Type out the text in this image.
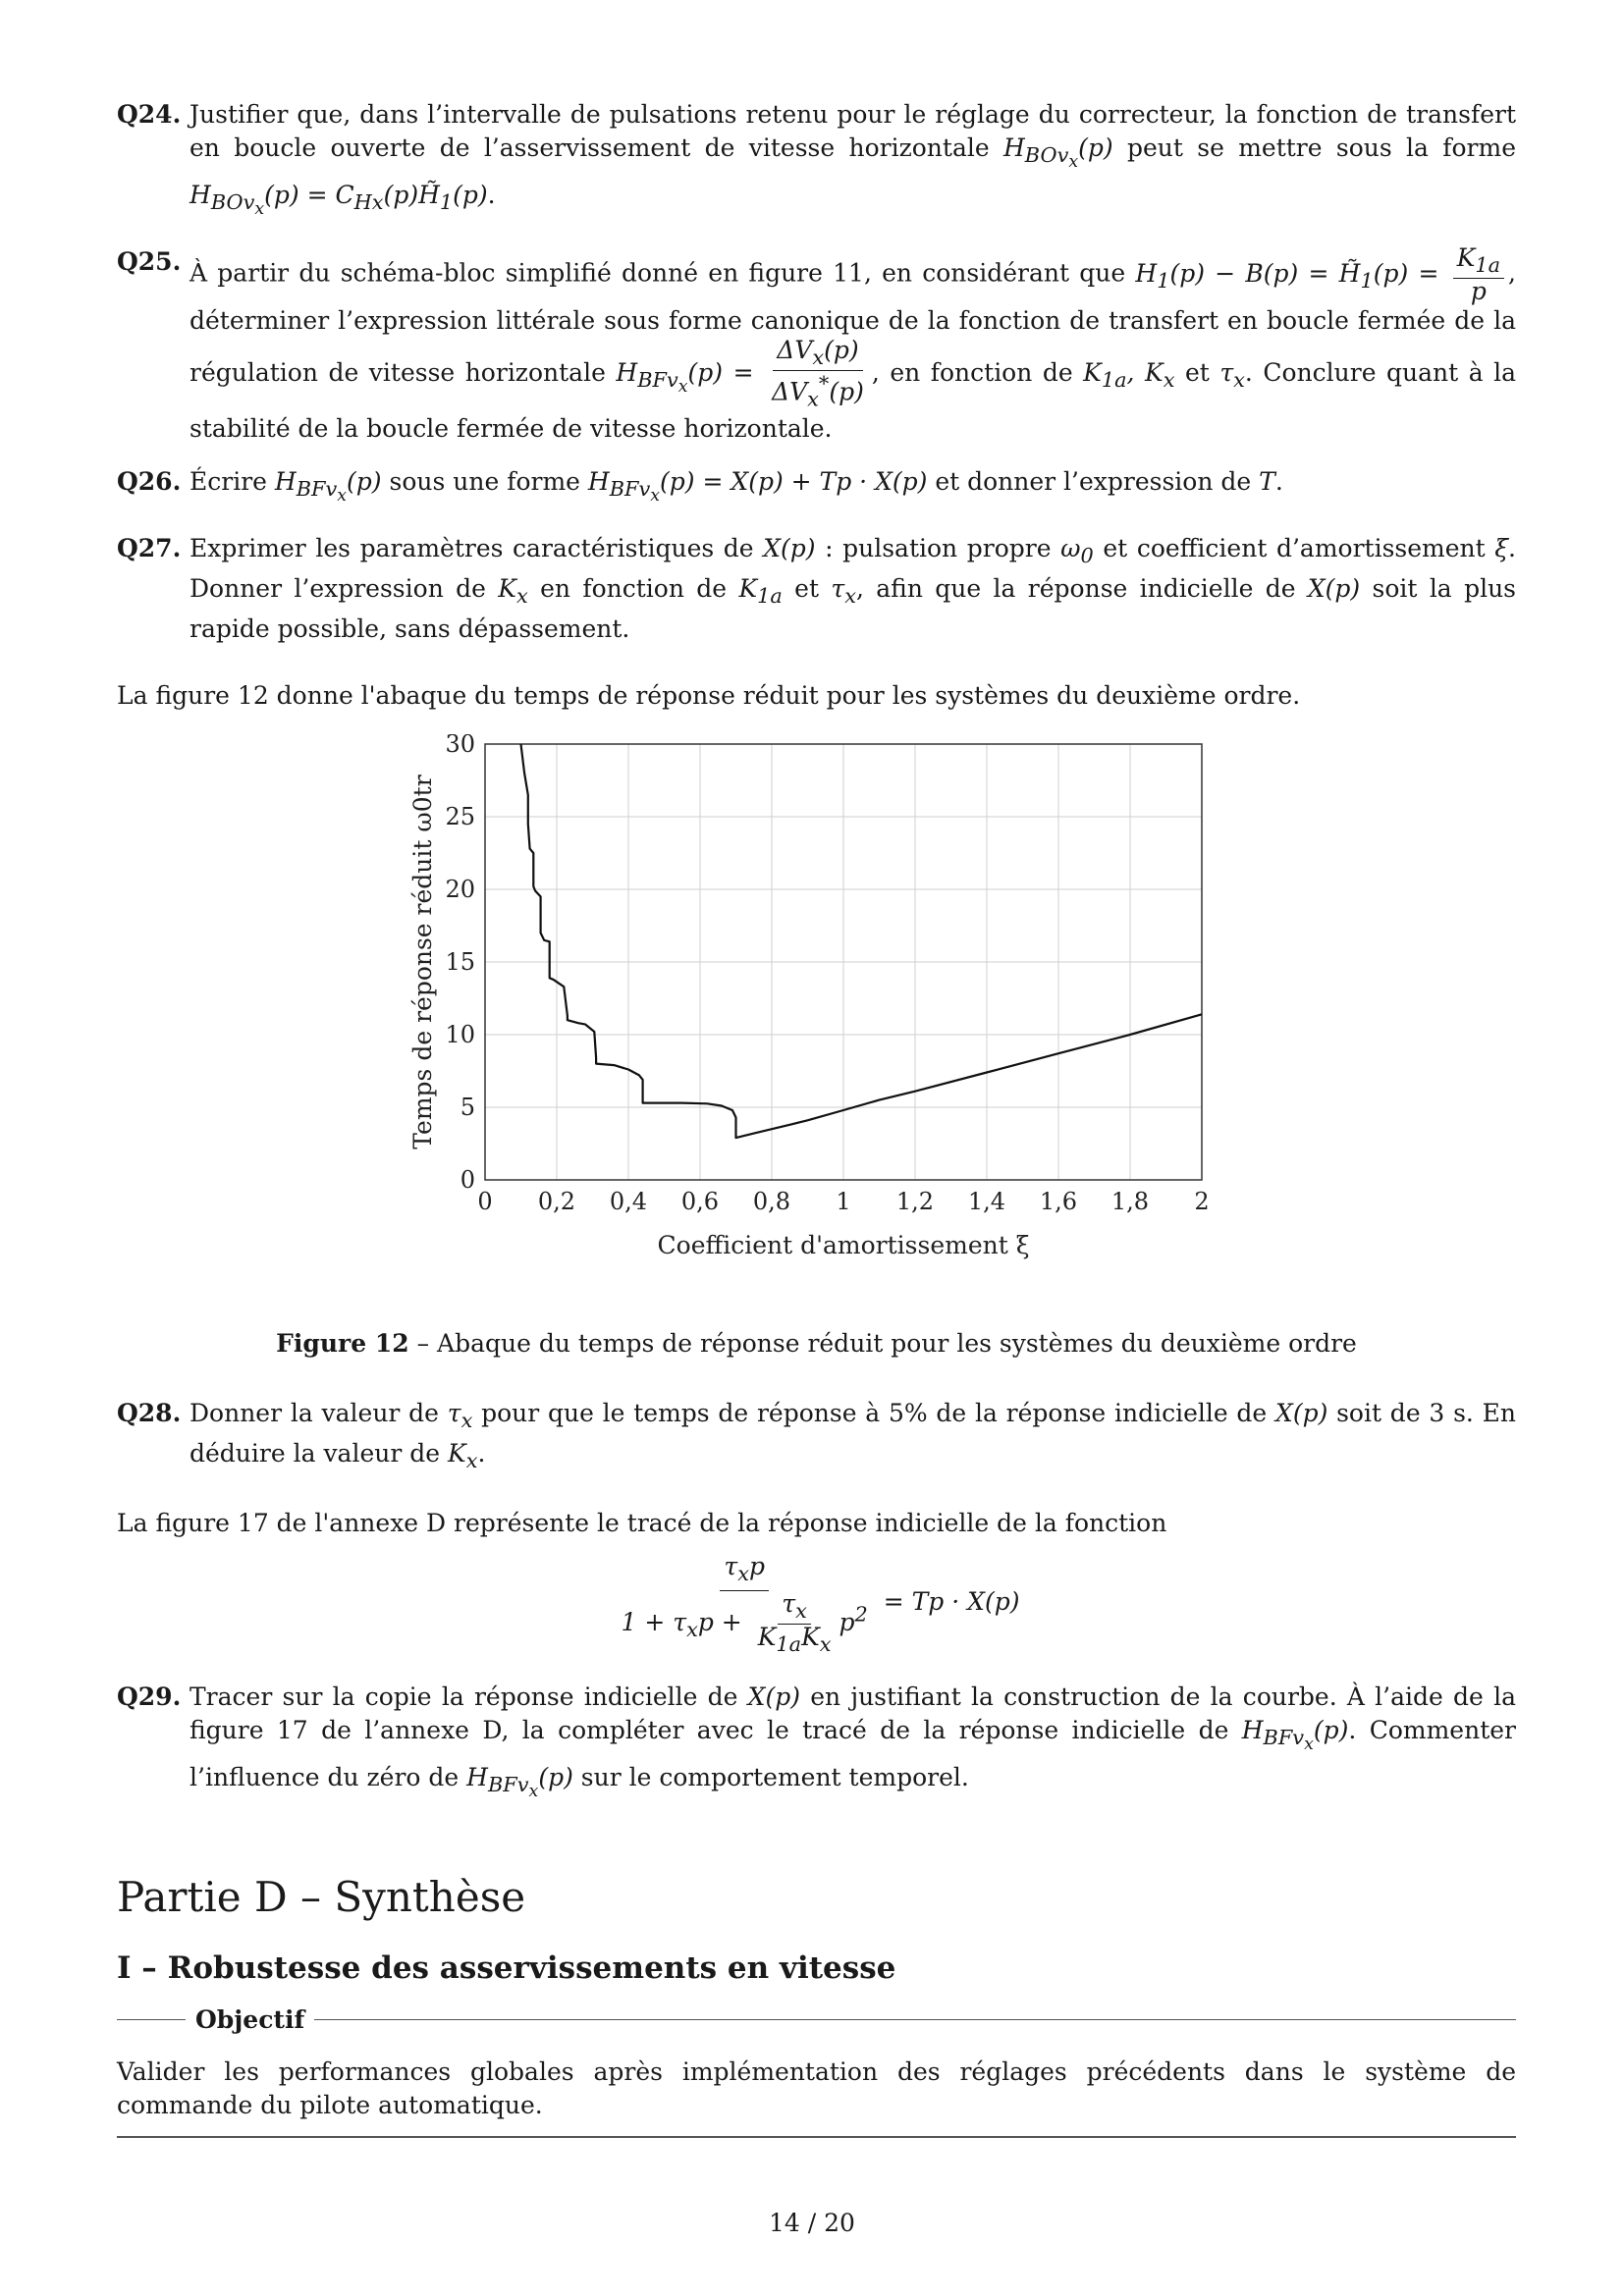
Q24. Justifier que, dans l’intervalle de pulsations retenu pour le réglage du correcteur, la fonction de transfert en boucle ouverte de l’asservissement de vitesse horizontale $H_{BOv_x}(p)$ peut se mettre sous la forme $H_{BOv_x}(p)$ = $C_{Hx}(p)H̃_1(p)$.
Q25. À partir du schéma-bloc simplifié donné en figure 11, en considérant que $H_1(p) - B(p)$ = $H̃_1(p) = \frac{K_{1a}}{p}$ , déterminer l’expression littérale sous forme canonique de la fonction de transfert en boucle fermée de la régulation de vitesse horizontale $H_{BFv_x}(p) = \frac{\Delta V_x(p)}{\Delta V_x^*(p)}$ , en fonction de $K_{1a}$, $K_x$ et $\tau_x$. Conclure quant à la stabilité de la boucle fermée de vitesse horizontale.
Q26. Écrire $H_{BFv_x}(p)$ sous une forme $H_{BFv_x}(p) = X(p) + Tp \cdot X(p)$ et donner l’expression de T.
Q27. Exprimer les paramètres caractéristiques de X(p) : pulsation propre $\omega_0$ et coefficient d’amortissement ξ. Donner l’expression de $K_x$ en fonction de $K_{1a}$ et $\tau_x$, afin que la réponse indicielle de X(p) soit la plus rapide possible, sans dépassement.
La figure 12 donne l'abaque du temps de réponse réduit pour les systèmes du deuxième ordre.
0 0,2 0,4 0,6 0,8 1 1,2 1,4 1,6 1,8 2
0
5
10
15
20
25
30
Coefficient d'amortissement ξ
Temps de réponse réduit ω0tr
Figure 12 – Abaque du temps de réponse réduit pour les systèmes du deuxième ordre
Q28. Donner la valeur de $\tau_x$ pour que le temps de réponse à 5% de la réponse indicielle de X(p) soit de 3 s. En déduire la valeur de $K_x$.
La figure 17 de l'annexe D représente le tracé de la réponse indicielle de la fonction
$\frac{\tau_xp}{1 + \tau_xp + \frac{\tau_x}{K_{1a}K_x} p^2} = Tp \cdot X(p)$
Q29. Tracer sur la copie la réponse indicielle de X(p) en justifiant la construction de la courbe. À l’aide de la figure 17 de l’annexe D, la compléter avec le tracé de la réponse indicielle de $H_{BFv_x}(p)$. Commenter l’influence du zéro de $H_{BFv_x}(p)$ sur le comportement temporel.
Partie D – Synthèse
I – Robustesse des asservissements en vitesse
Objectif
Valider les performances globales après implémentation des réglages précédents dans le système de commande du pilote automatique.
14 / 20
